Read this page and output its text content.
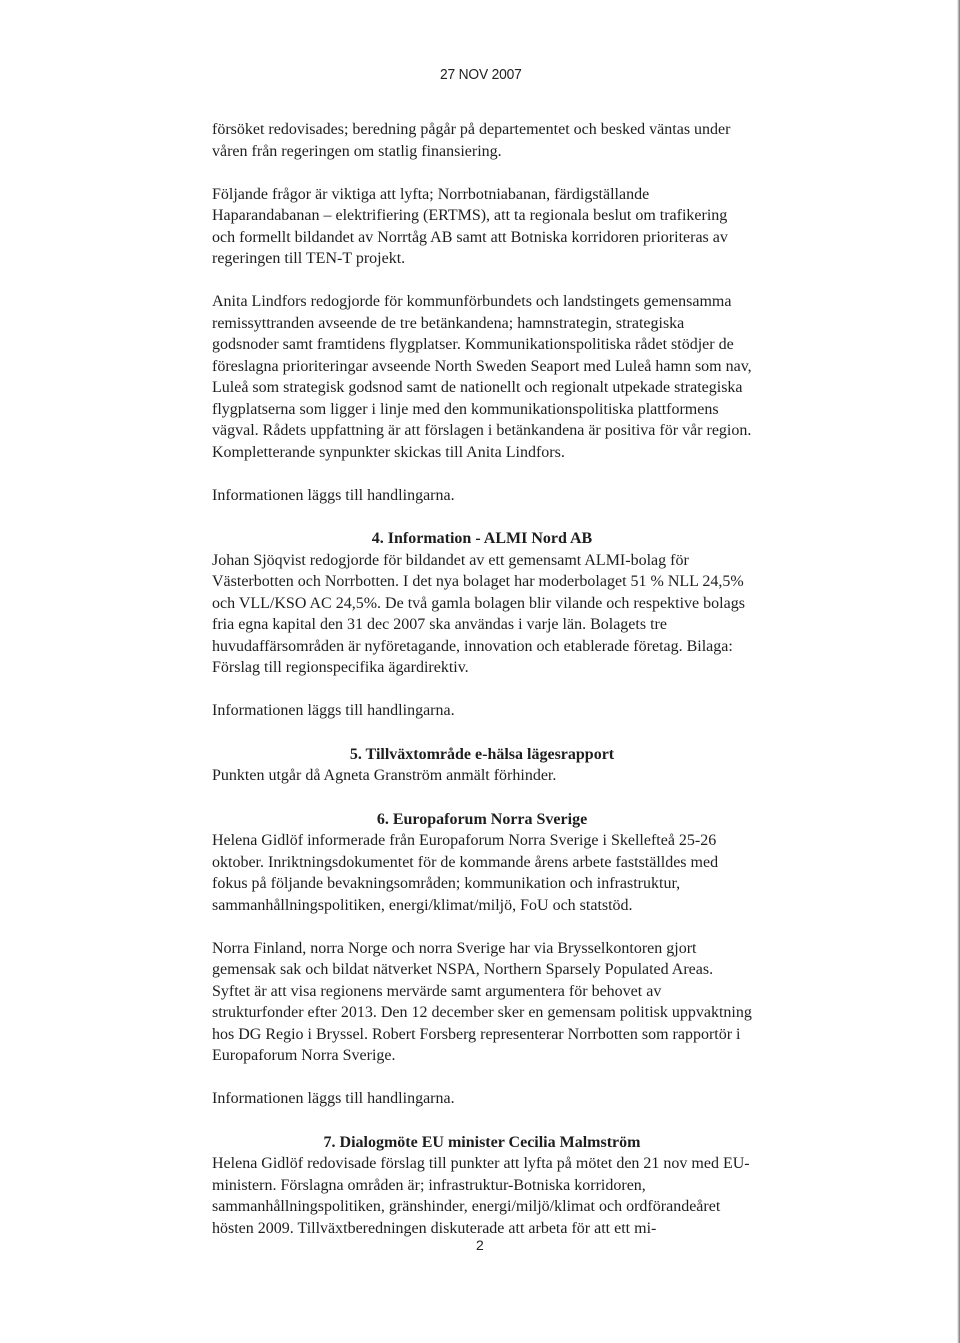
27 NOV 2007

försöket redovisades; beredning pågår på departementet och besked väntas under våren från regeringen om statlig finansiering.

Följande frågor är viktiga att lyfta; Norrbotniabanan, färdigställande Haparandabanan – elektrifiering (ERTMS), att ta regionala beslut om trafikering och formellt bildandet av Norrtåg AB samt att Botniska korridoren prioriteras av regeringen till TEN-T projekt.

Anita Lindfors redogjorde för kommunförbundets och landstingets gemensamma remissyttranden avseende de tre betänkandena; hamnstrategin, strategiska godsnoder samt framtidens flygplatser. Kommunikationspolitiska rådet stödjer de föreslagna prioriteringar avseende North Sweden Seaport med Luleå hamn som nav, Luleå som strategisk godsnod samt de nationellt och regionalt utpekade strategiska flygplatserna som ligger i linje med den kommunikationspolitiska plattformens vägval. Rådets uppfattning är att förslagen i betänkandena är positiva för vår region. Kompletterande synpunkter skickas till Anita Lindfors.

Informationen läggs till handlingarna.

4. Information - ALMI Nord AB

Johan Sjöqvist redogjorde för bildandet av ett gemensamt ALMI-bolag för Västerbotten och Norrbotten. I det nya bolaget har moderbolaget 51 % NLL 24,5% och VLL/KSO AC 24,5%. De två gamla bolagen blir vilande och respektive bolags fria egna kapital den 31 dec 2007 ska användas i varje län. Bolagets tre huvudaffärsområden är nyföretagande, innovation och etablerade företag. Bilaga: Förslag till regionspecifika ägardirektiv.

Informationen läggs till handlingarna.

5. Tillväxtområde e-hälsa lägesrapport

Punkten utgår då Agneta Granström anmält förhinder.

6. Europaforum Norra Sverige

Helena Gidlöf informerade från Europaforum Norra Sverige i Skellefteå 25-26 oktober. Inriktningsdokumentet för de kommande årens arbete fastställdes med fokus på följande bevakningsområden; kommunikation och infrastruktur, sammanhållningspolitiken, energi/klimat/miljö, FoU och statstöd.

Norra Finland, norra Norge och norra Sverige har via Brysselkontoren gjort gemensak sak och bildat nätverket NSPA, Northern Sparsely Populated Areas. Syftet är att visa regionens mervärde samt argumentera för behovet av strukturfonder efter 2013. Den 12 december sker en gemensam politisk uppvaktning hos DG Regio i Bryssel. Robert Forsberg representerar Norrbotten som rapportör i Europaforum Norra Sverige.

Informationen läggs till handlingarna.

7. Dialogmöte EU minister Cecilia Malmström

Helena Gidlöf redovisade förslag till punkter att lyfta på mötet den 21 nov med EU-ministern. Förslagna områden är; infrastruktur-Botniska korridoren, sammanhållningspolitiken, gränshinder, energi/miljö/klimat och ordförandeåret hösten 2009. Tillväxtberedningen diskuterade att arbeta för att ett mi-

2
